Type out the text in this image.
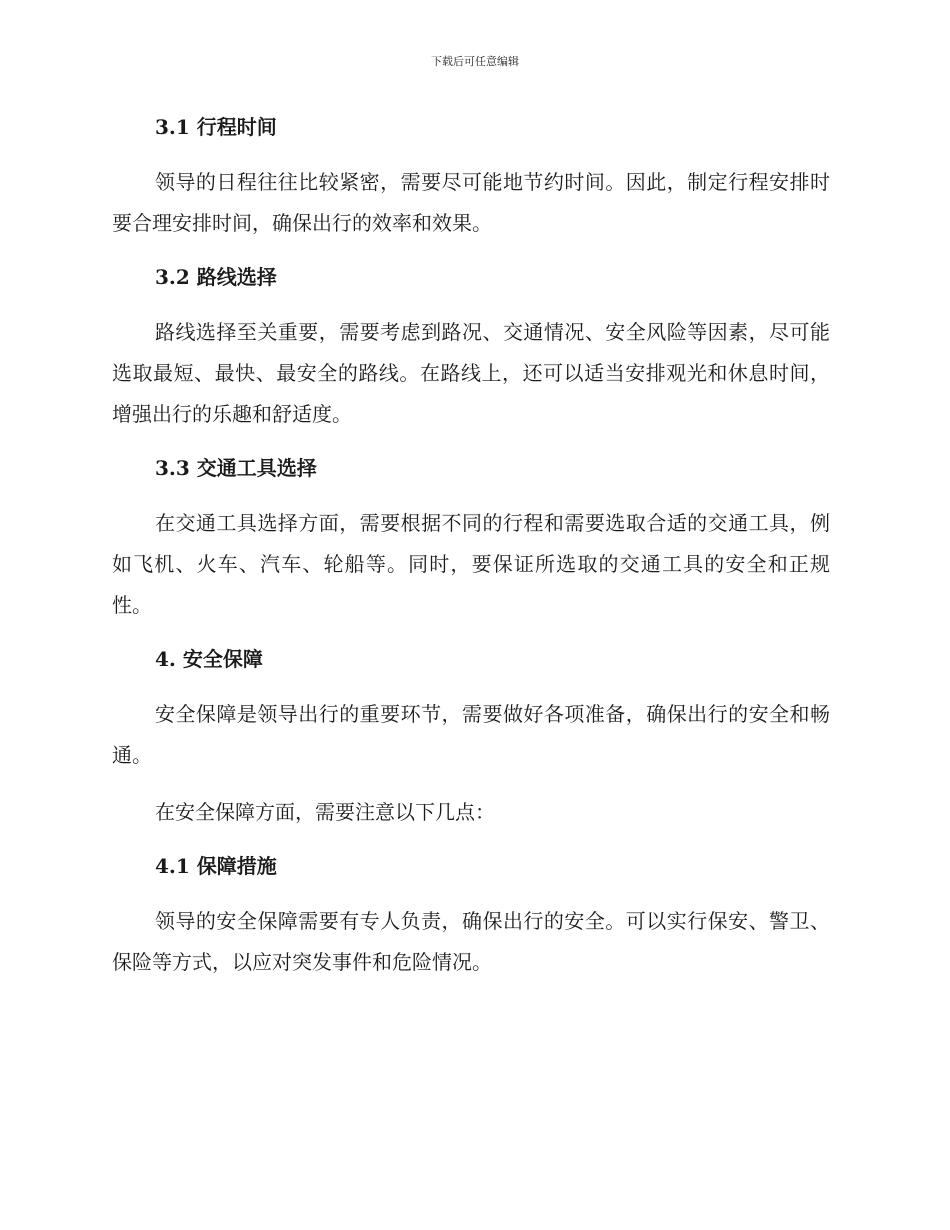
下载后可任意编辑
3.1 行程时间

领导的日程往往比较紧密，需要尽可能地节约时间。因此，制定行程安排时要合理安排时间，确保出行的效率和效果。

3.2 路线选择

路线选择至关重要，需要考虑到路况、交通情况、安全风险等因素，尽可能选取最短、最快、最安全的路线。在路线上，还可以适当安排观光和休息时间，增强出行的乐趣和舒适度。

3.3 交通工具选择

在交通工具选择方面，需要根据不同的行程和需要选取合适的交通工具，例如飞机、火车、汽车、轮船等。同时，要保证所选取的交通工具的安全和正规性。

4. 安全保障

安全保障是领导出行的重要环节，需要做好各项准备，确保出行的安全和畅通。

在安全保障方面，需要注意以下几点：

4.1 保障措施

领导的安全保障需要有专人负责，确保出行的安全。可以实行保安、警卫、保险等方式，以应对突发事件和危险情况。
